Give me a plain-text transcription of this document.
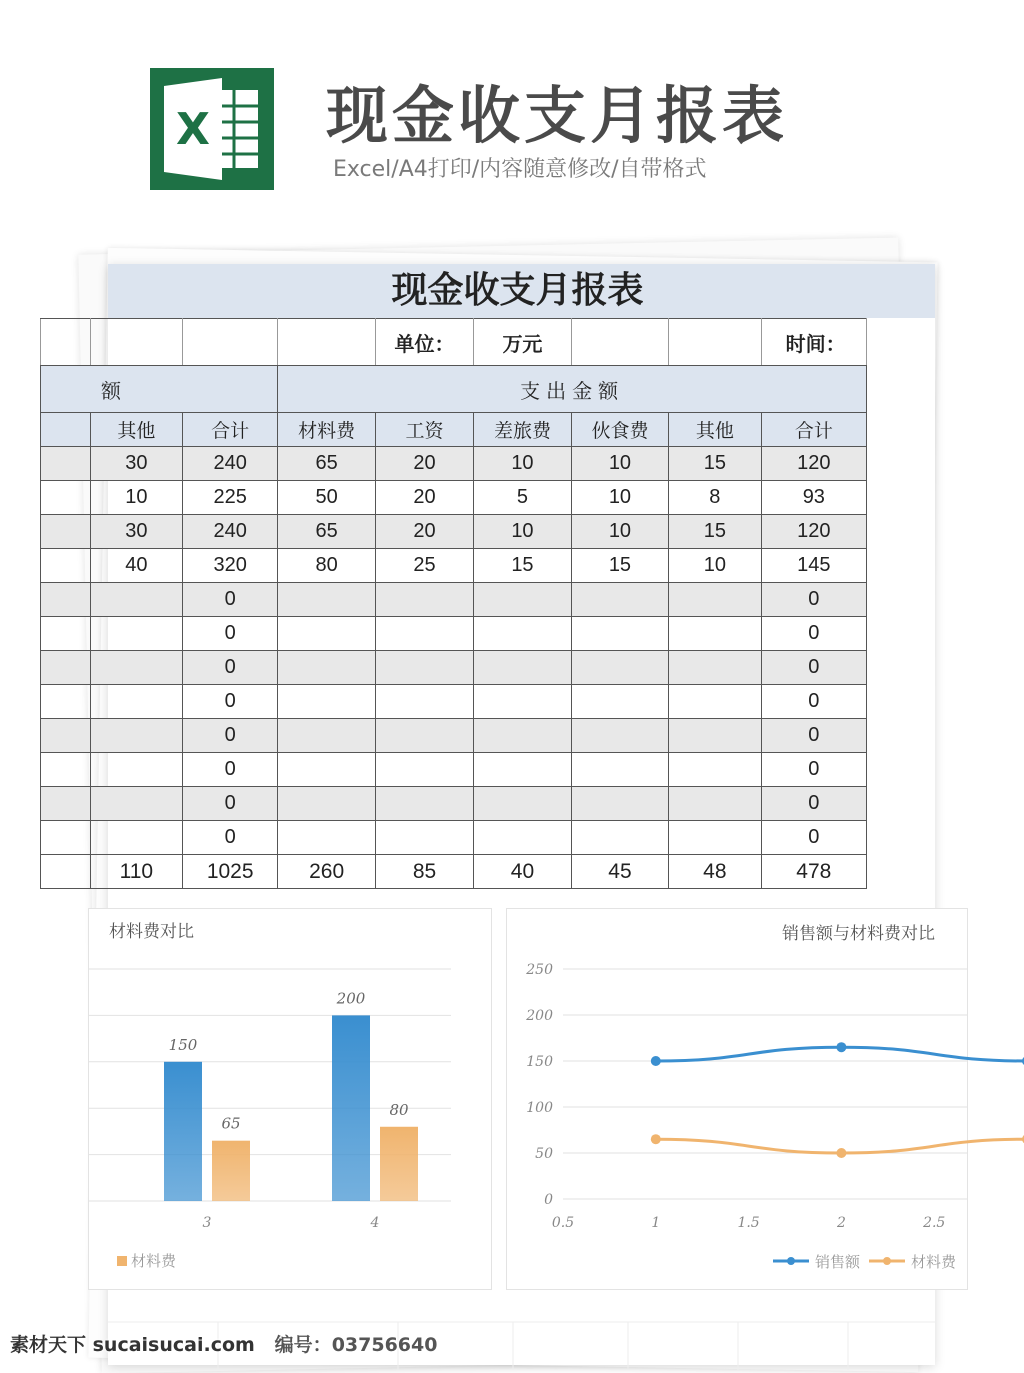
X 现金收支月报表
Excel/A4打印/内容随意修改/自带格式
现金收支月报表
				单位：	万元			时间：
额			支出金额					
	其他	合计	材料费	工资	差旅费	伙食费	其他	合计
	30	240	65	20	10	10	15	120
	10	225	50	20	5	10	8	93
	30	240	65	20	10	10	15	120
	40	320	80	25	15	15	10	145
		0						0
		0						0
		0						0
		0						0
		0						0
		0						0
		0						0
		0						0
	110	1025	260	85	40	45	48	478
材料费对比
150
65
3
200
80
4
材料费
销售额与材料费对比
0
50
100
150
200
250
0.5	1	1.5	2	2.5
销售额	材料费
素材天下 sucaisucai.com 编号：03756640
